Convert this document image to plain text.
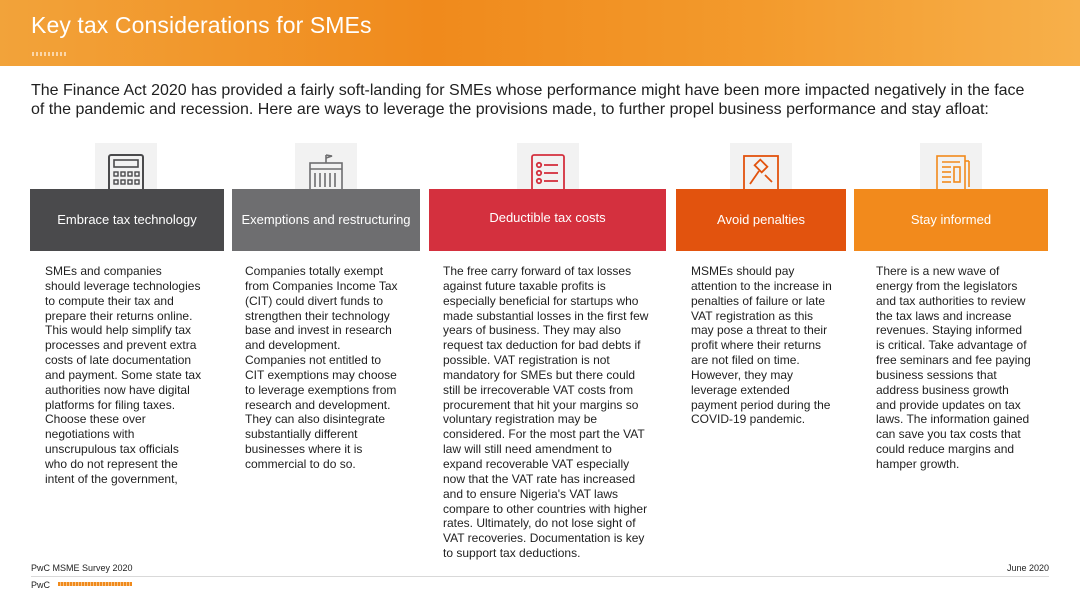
Key tax Considerations for SMEs
The Finance Act 2020 has provided a fairly soft-landing for SMEs whose performance might have been more impacted negatively in the face of the pandemic and recession. Here are ways to leverage the provisions made, to further propel business performance and stay afloat:
Embrace tax technology
SMEs and companies
should leverage technologies
to compute their tax and
prepare their returns online.
This would help simplify tax
processes and prevent extra
costs of late documentation
and payment. Some state tax
authorities now have digital
platforms for filing taxes.
Choose these over
negotiations with
unscrupulous tax officials
who do not represent the
intent of the government,
Exemptions and restructuring
Companies totally exempt
from Companies Income Tax
(CIT) could divert funds to
strengthen their technology
base and invest in research
and development.
Companies not entitled to
CIT exemptions may choose
to leverage exemptions from
research and development.
They can also disintegrate
substantially different
businesses where it is
commercial to do so.
Deductible tax costs
The free carry forward of tax losses
against future taxable profits is
especially beneficial for startups who
made substantial losses in the first few
years of business. They may also
request tax deduction for bad debts if
possible. VAT registration is not
mandatory for SMEs but there could
still be irrecoverable VAT costs from
procurement that hit your margins so
voluntary registration may be
considered. For the most part the VAT
law will still need amendment to
expand recoverable VAT especially
now that the VAT rate has increased
and to ensure Nigeria's VAT laws
compare to other countries with higher
rates. Ultimately, do not lose sight of
VAT recoveries. Documentation is key
to support tax deductions.
Avoid penalties
MSMEs should pay
attention to the increase in
penalties of failure or late
VAT registration as this
may pose a threat to their
profit where their returns
are not filed on time.
However, they may
leverage extended
payment period during the
COVID-19 pandemic.
Stay informed
There is a new wave of
energy from the legislators
and tax authorities to review
the tax laws and increase
revenues. Staying informed
is critical. Take advantage of
free seminars and fee paying
business sessions that
address business growth
and provide updates on tax
laws. The information gained
can save you tax costs that
could reduce margins and
hamper growth.
PwC MSME Survey 2020	June 2020
PwC
